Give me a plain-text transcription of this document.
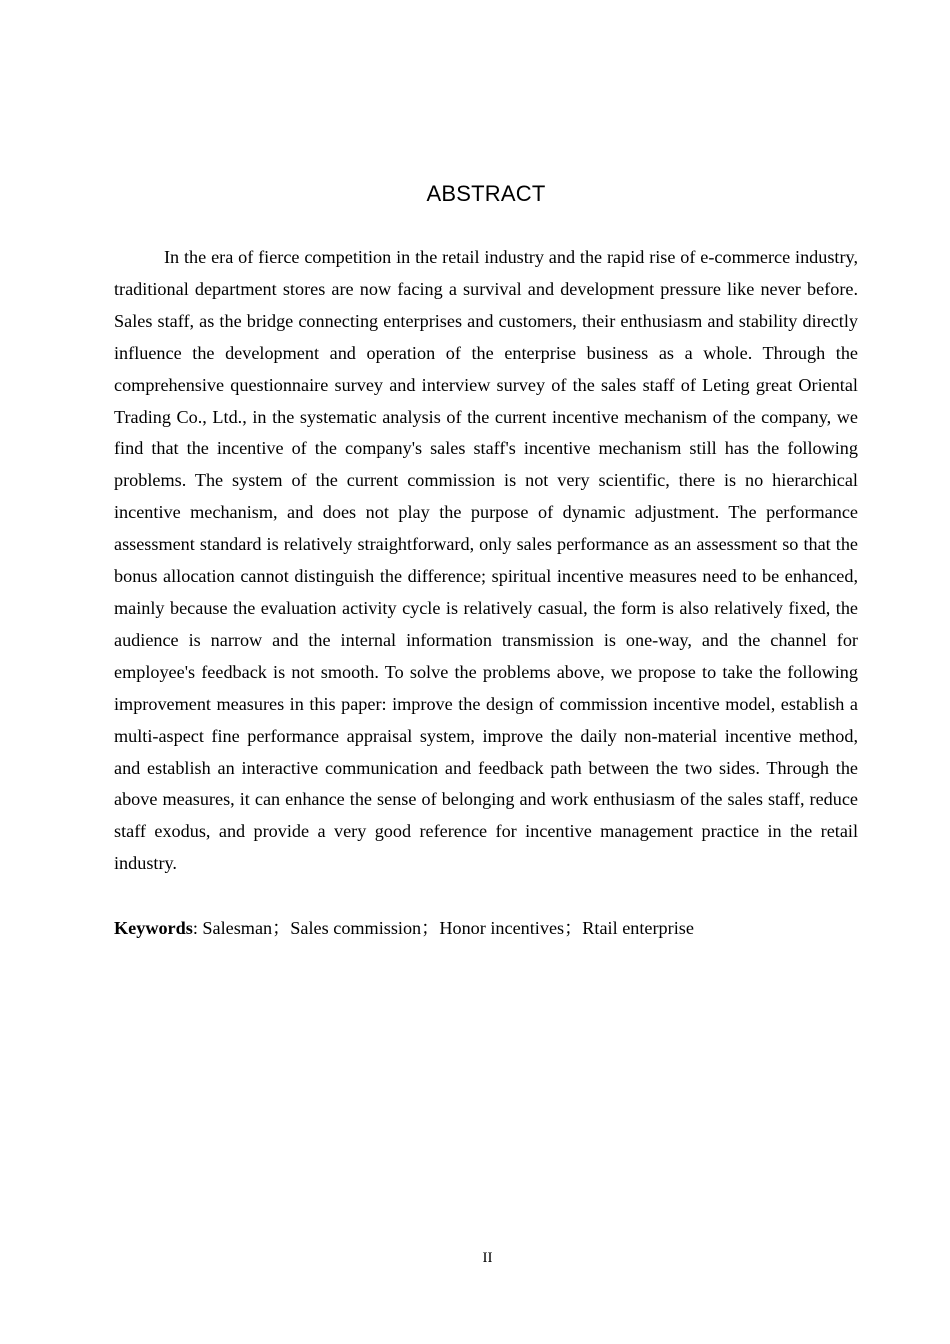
ABSTRACT

In the era of fierce competition in the retail industry and the rapid rise of e-commerce industry, traditional department stores are now facing a survival and development pressure like never before. Sales staff, as the bridge connecting enterprises and customers, their enthusiasm and stability directly influence the development and operation of the enterprise business as a whole. Through the comprehensive questionnaire survey and interview survey of the sales staff of Leting great Oriental Trading Co., Ltd., in the systematic analysis of the current incentive mechanism of the company, we find that the incentive of the company's sales staff's incentive mechanism still has the following problems. The system of the current commission is not very scientific, there is no hierarchical incentive mechanism, and does not play the purpose of dynamic adjustment. The performance assessment standard is relatively straightforward, only sales performance as an assessment so that the bonus allocation cannot distinguish the difference; spiritual incentive measures need to be enhanced, mainly because the evaluation activity cycle is relatively casual, the form is also relatively fixed, the audience is narrow and the internal information transmission is one-way, and the channel for employee's feedback is not smooth. To solve the problems above, we propose to take the following improvement measures in this paper: improve the design of commission incentive model, establish a multi-aspect fine performance appraisal system, improve the daily non-material incentive method, and establish an interactive communication and feedback path between the two sides. Through the above measures, it can enhance the sense of belonging and work enthusiasm of the sales staff, reduce staff exodus, and provide a very good reference for incentive management practice in the retail industry.

Keywords: Salesman；Sales commission；Honor incentives；Rtail enterprise

II
